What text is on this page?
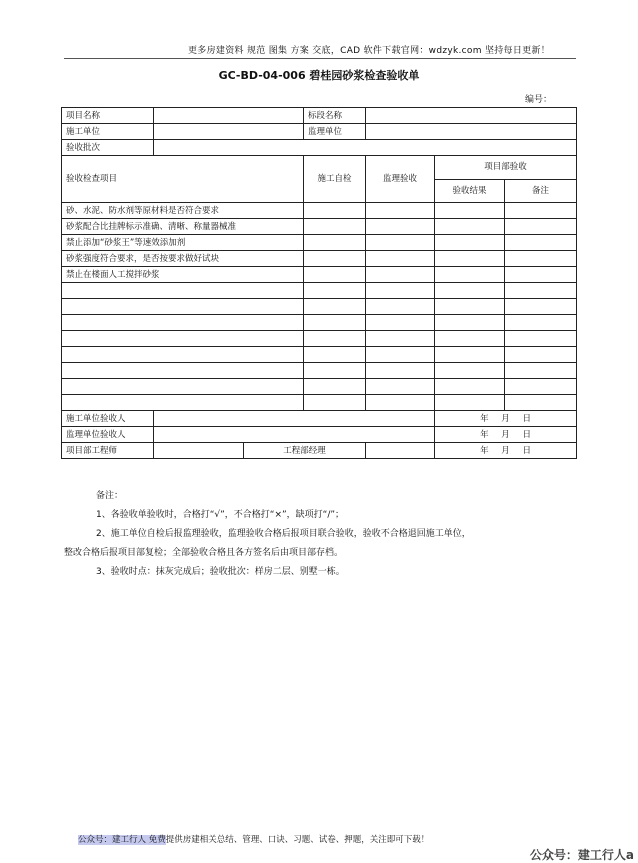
更多房建资料 规范 图集 方案 交底，CAD 软件下载官网：wdzyk.com 坚持每日更新！
GC-BD-04-006 碧桂园砂浆检查验收单
编号：
项目名称			标段名称			
施工单位			监理单位			
验收批次						
验收检查项目			施工自检	监理验收	项目部验收	
					验收结果	备注
砂、水泥、防水剂等原材料是否符合要求						
砂浆配合比挂牌标示准确、清晰、称量器械准						
禁止添加“砂浆王”等速效添加剂						
砂浆强度符合要求，是否按要求做好试块						
禁止在楼面人工搅拌砂浆						

施工单位验收人					年 月 日	
监理单位验收人					年 月 日	
项目部工程师		工程部经理			年 月 日	

备注：

1、各验收单验收时，合格打“√”，不合格打“×”，缺项打“/”；

2、施工单位自检后报监理验收，监理验收合格后报项目联合验收，验收不合格退回施工单位，

整改合格后报项目部复检；全部验收合格且各方签名后由项目部存档。

3、验收时点：抹灰完成后；验收批次：样房二层、别墅一栋。

公众号：建工行人 免费提供房建相关总结、管理、口诀、习题、试卷、押题，关注即可下载！
公众号：建工行人a
